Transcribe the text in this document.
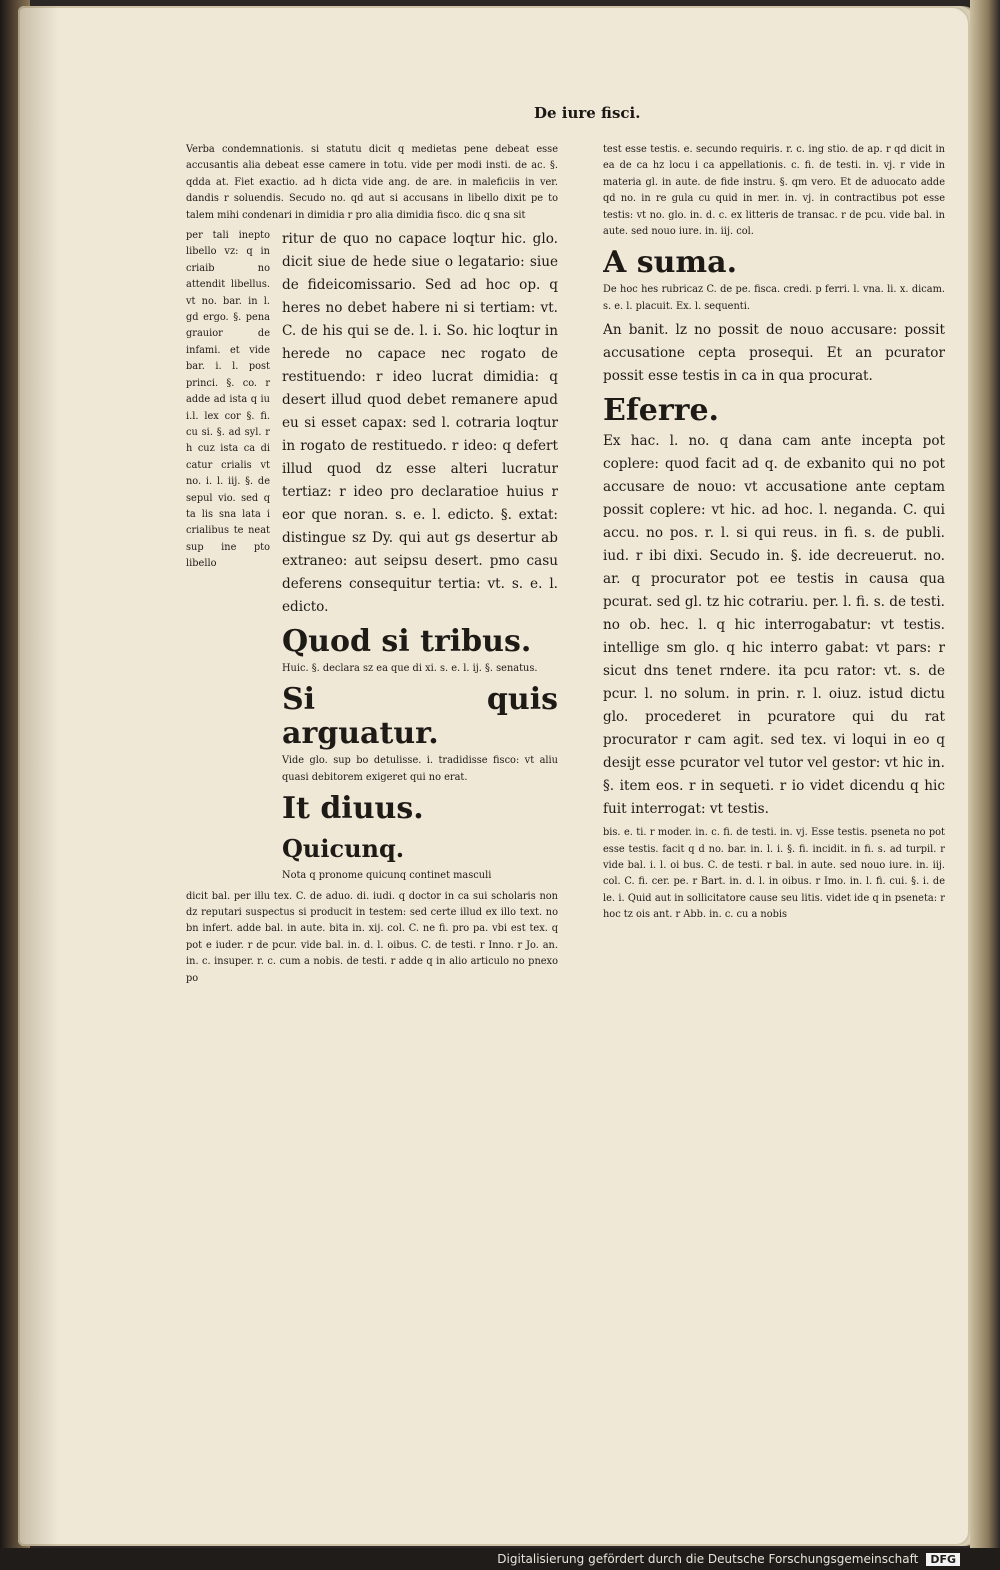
De iure fisci.

Verba condemnationis. si statutu dicit q medietas pene debeat esse accusantis alia debeat esse camere in totu. vide per modi insti. de ac. §. qdda at. Fiet exactio. ad h dicta vide ang. de are. in maleficiis in ver. dandis r soluendis. Secudo no. qd aut si accusans in libello dixit pe to talem mihi condenari in dimidia r pro alia dimidia fisco. dic q sna sit

per tali inepto libello vz: q in criaib no attendit libellus. vt no. bar. in l. gd ergo. §. pena grauior de infami. et vide bar. i. l. post princi. §. co. r adde ad ista q iu i.l. lex cor §. fi. cu si. §. ad syl. r h cuz ista ca di catur crialis vt no. i. l. iij. §. de sepul vio. sed q ta lis sna lata i crialibus te neat sup ine pto libello

ritur de quo no capace loqtur hic. glo. dicit siue de hede siue o legatario: siue de fideicomissario. Sed ad hoc op. q heres no debet habere ni si tertiam: vt. C. de his qui se de. l. i. So. hic loqtur in herede no capace nec rogato de restituendo: r ideo lucrat dimidia: q desert illud quod debet remanere apud eu si esset capax: sed l. cotraria loqtur in rogato de restituedo. r ideo: q defert illud quod dz esse alteri lucratur tertiaz: r ideo pro declaratioe huius r eor que noran. s. e. l. edicto. §. extat: distingue sz Dy. qui aut gs desertur ab extraneo: aut seipsu desert. pmo casu deferens consequitur tertia: vt. s. e. l. edicto.

Quod si tribus.

Huic. §. declara sz ea que di xi. s. e. l. ij. §. senatus.

Si quis arguatur.

Vide glo. sup bo detulisse. i. tradidisse fisco: vt aliu quasi debitorem exigeret qui no erat.

It diuus.
Quicunq.

Nota q pronome quicunq continet masculi

dicit bal. per illu tex. C. de aduo. di. iudi. q doctor in ca sui scholaris non dz reputari suspectus si producit in testem: sed certe illud ex illo text. no bn infert. adde bal. in aute. bita in. xij. col. C. ne fi. pro pa. vbi est tex. q pot e iuder. r de pcur. vide bal. in. d. l. oibus. C. de testi. r Inno. r Jo. an. in. c. insuper. r. c. cum a nobis. de testi. r adde q in alio articulo no pnexo po

test esse testis. e. secundo requiris. r. c. ing stio. de ap. r qd dicit in ea de ca hz locu i ca appellationis. c. fi. de testi. in. vj. r vide in materia gl. in aute. de fide instru. §. qm vero. Et de aduocato adde qd no. in re gula cu quid in mer. in. vj. in contractibus pot esse testis: vt no. glo. in. d. c. ex litteris de transac. r de pcu. vide bal. in aute. sed nouo iure. in. iij. col.

A suma.

De hoc hes rubricaz C. de pe. fisca. credi. p ferri. l. vna. li. x. dicam. s. e. l. placuit. Ex. l. sequenti.

An banit. lz no possit de nouo accusare: possit accusatione cepta prosequi. Et an pcurator possit esse testis in ca in qua procurat.

Eferre.

Ex hac. l. no. q dana cam ante incepta pot coplere: quod facit ad q. de exbanito qui no pot accusare de nouo: vt accusatione ante ceptam possit coplere: vt hic. ad hoc. l. neganda. C. qui accu. no pos. r. l. si qui reus. in fi. s. de publi. iud. r ibi dixi. Secudo in. §. ide decreuerut. no. ar. q procurator pot ee testis in causa qua pcurat. sed gl. tz hic cotrariu. per. l. fi. s. de testi. no ob. hec. l. q hic interrogabatur: vt testis. intellige sm glo. q hic interro gabat: vt pars: r sicut dns tenet rndere. ita pcu rator: vt. s. de pcur. l. no solum. in prin. r. l. oiuz. istud dictu glo. procederet in pcuratore qui du rat procurator r cam agit. sed tex. vi loqui in eo q desijt esse pcurator vel tutor vel gestor: vt hic in. §. item eos. r in sequeti. r io videt dicendu q hic fuit interrogat: vt testis.

bis. e. ti. r moder. in. c. fi. de testi. in. vj. Esse testis. pseneta no pot esse testis. facit q d no. bar. in. l. i. §. fi. incidit. in fi. s. ad turpil. r vide bal. i. l. oi bus. C. de testi. r bal. in aute. sed nouo iure. in. iij. col. C. fi. cer. pe. r Bart. in. d. l. in oibus. r Imo. in. l. fi. cui. §. i. de le. i. Quid aut in sollicitatore cause seu litis. videt ide q in pseneta: r hoc tz ois ant. r Abb. in. c. cu a nobis

Digitalisierung gefördert durch die Deutsche Forschungsgemeinschaft	DFG
